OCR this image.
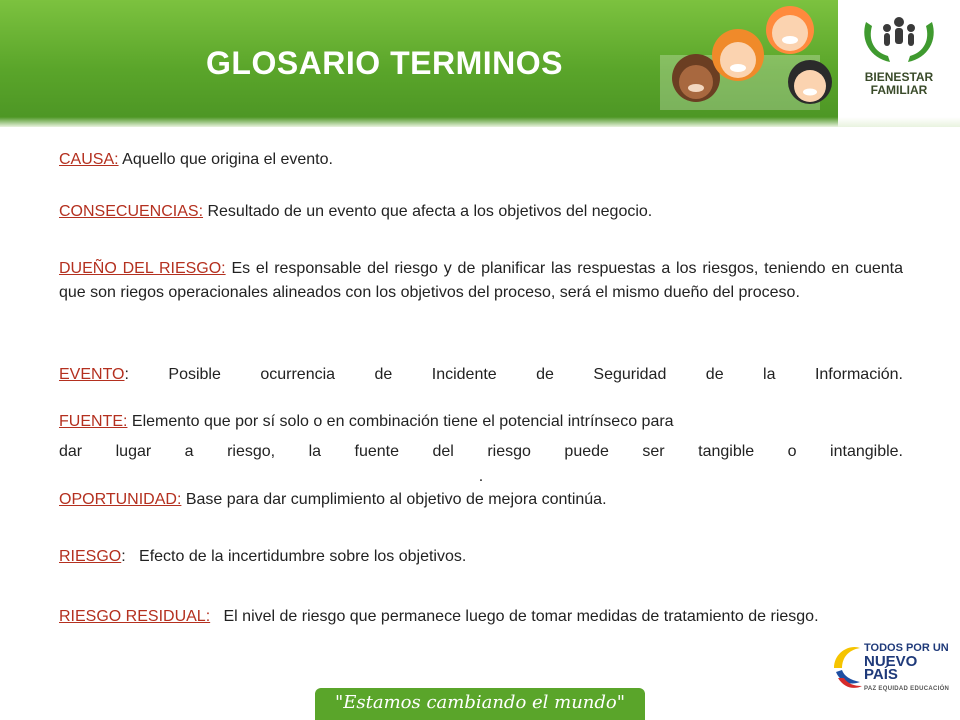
GLOSARIO TERMINOS	BIENESTAR
FAMILIAR
CAUSA: Aquello que origina el evento.
CONSECUENCIAS: Resultado de un evento que afecta a los objetivos del negocio.
DUEÑO DEL RIESGO: Es el responsable del riesgo y de planificar las respuestas a los riesgos, teniendo en cuenta que son riegos operacionales alineados con los objetivos del proceso, será el mismo dueño del proceso.
EVENTO: Posible ocurrencia de Incidente de Seguridad de la Información.
FUENTE: Elemento que por sí solo o en combinación tiene el potencial intrínseco para
dar lugar a riesgo, la fuente del riesgo puede ser tangible o intangible.
.
OPORTUNIDAD: Base para dar cumplimiento al objetivo de mejora continúa.
RIESGO:   Efecto de la incertidumbre sobre los objetivos.
RIESGO RESIDUAL:   El nivel de riesgo que permanece luego de tomar medidas de tratamiento de riesgo.
TODOS POR UN
NUEVO PAÍS
PAZ EQUIDAD EDUCACIÓN
"Estamos cambiando el mundo"
